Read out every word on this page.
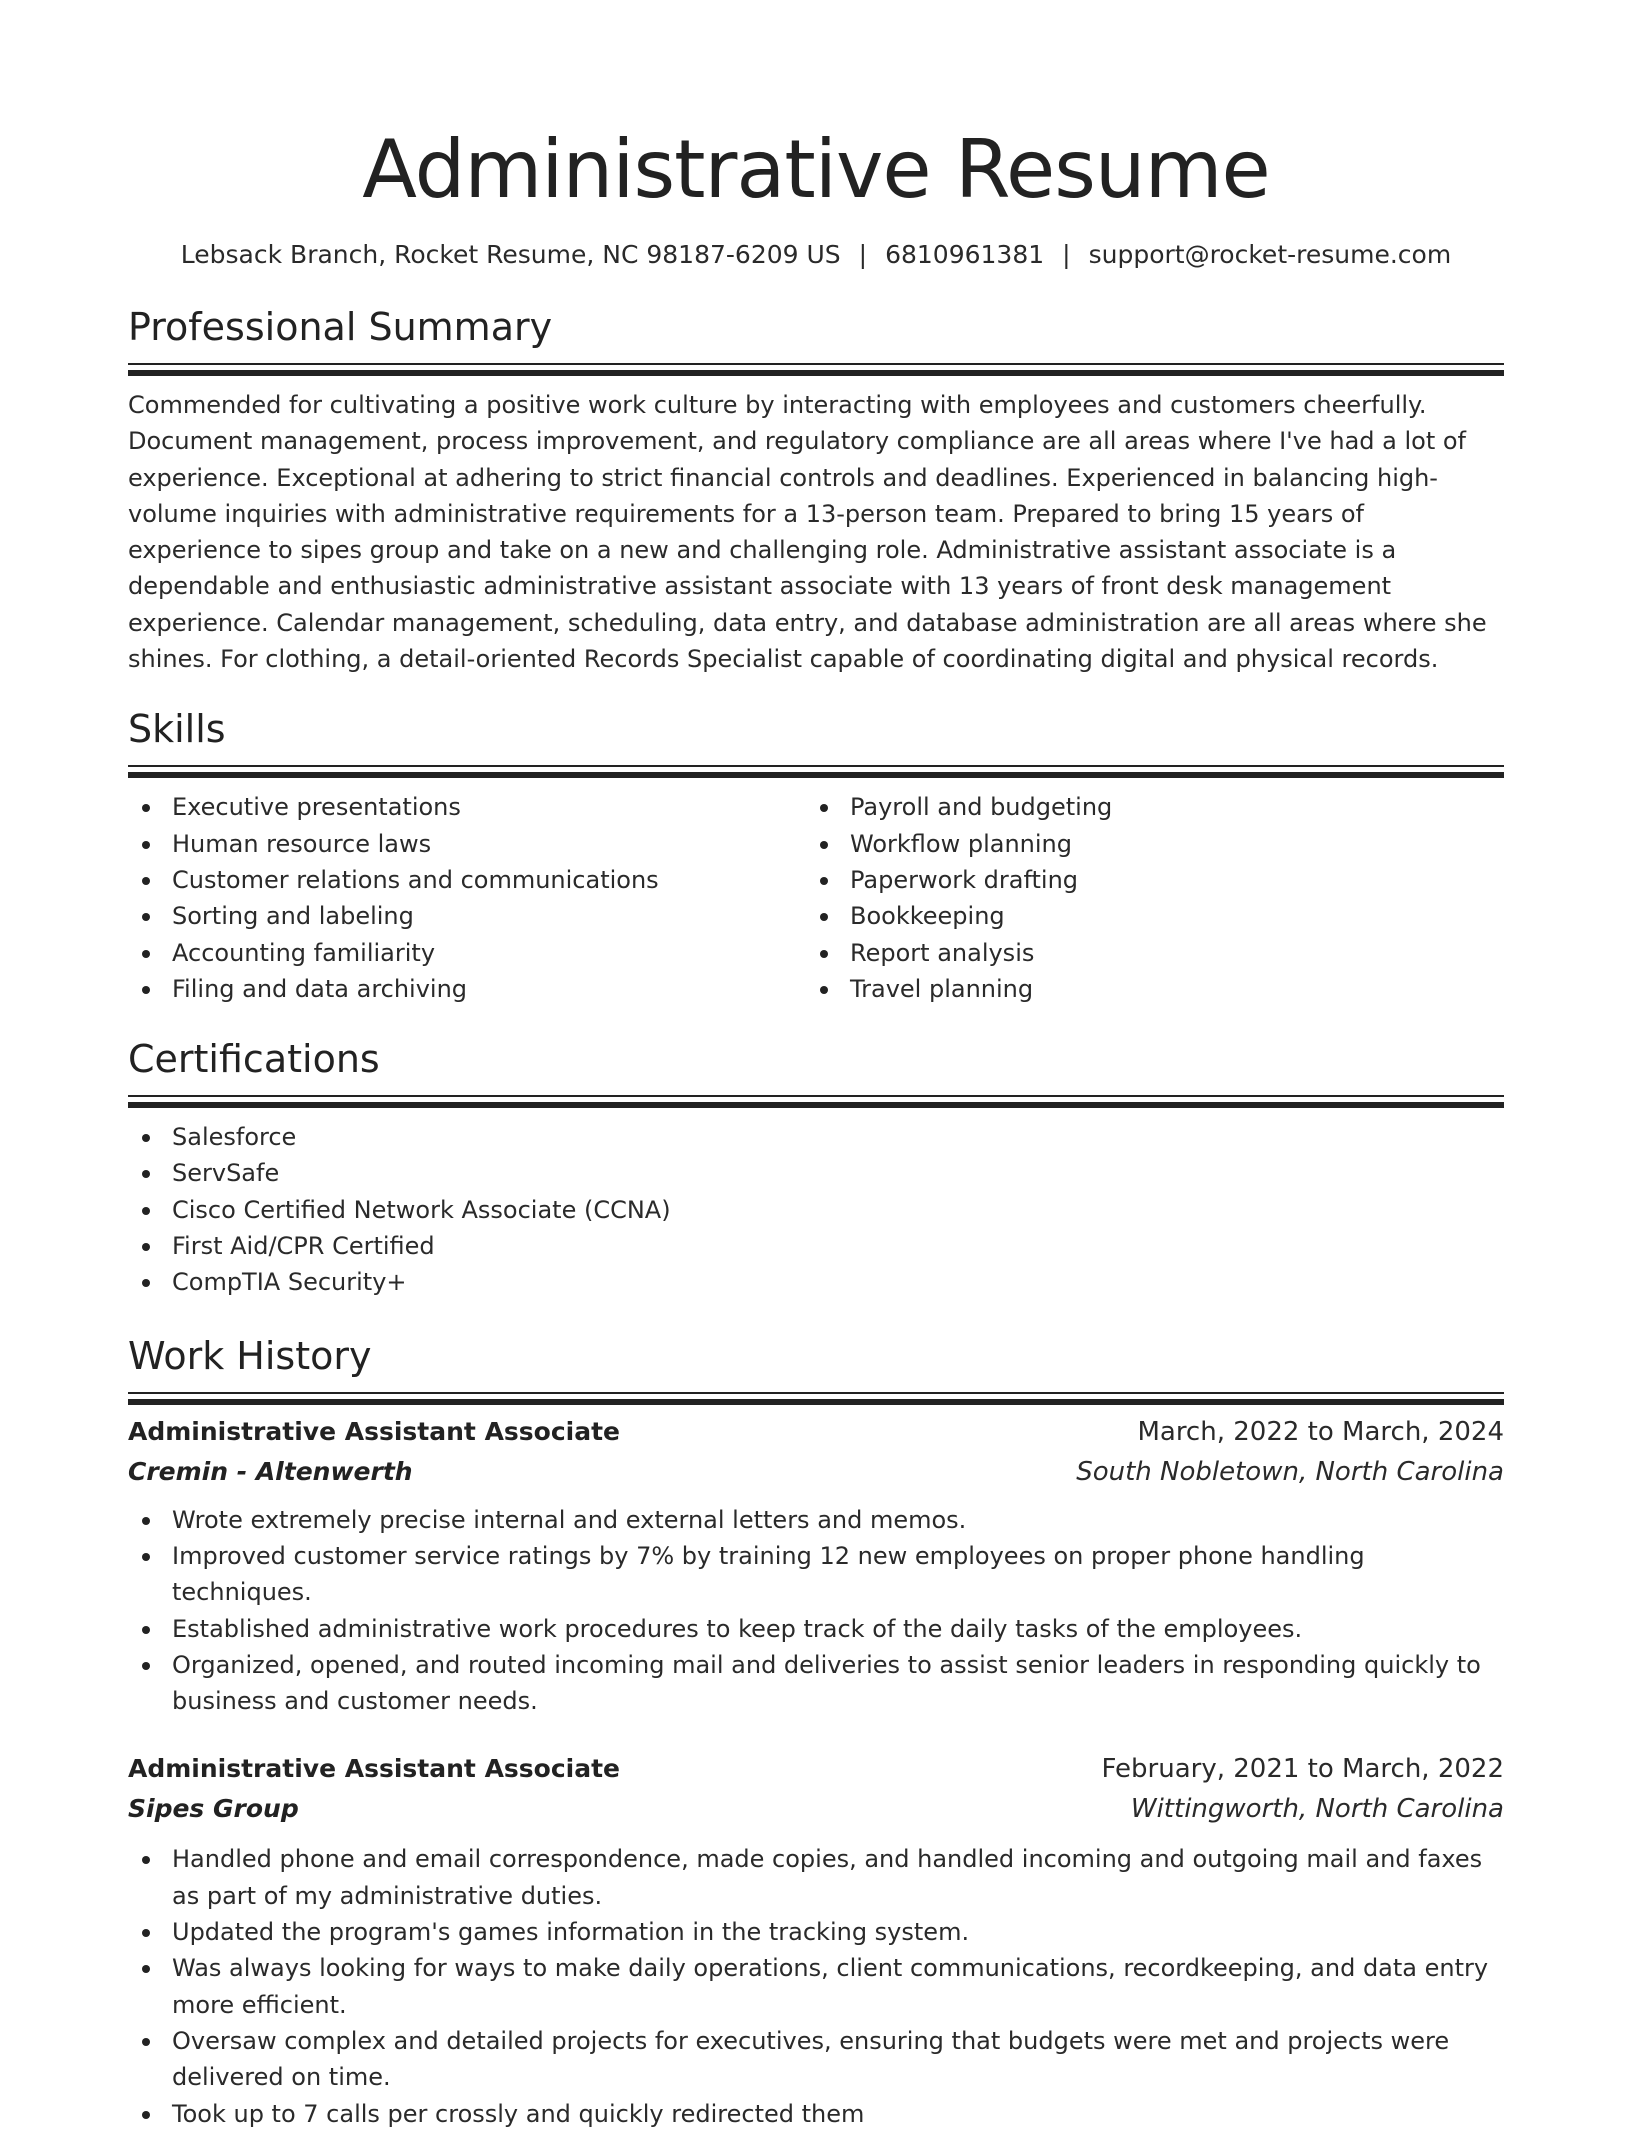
Administrative Resume
Lebsack Branch, Rocket Resume, NC 98187-6209 US | 6810961381 | support@rocket-resume.com
Professional Summary

Commended for cultivating a positive work culture by interacting with employees and customers cheerfully. Document management, process improvement, and regulatory compliance are all areas where I've had a lot of experience. Exceptional at adhering to strict financial controls and deadlines. Experienced in balancing high-volume inquiries with administrative requirements for a 13-person team. Prepared to bring 15 years of experience to sipes group and take on a new and challenging role. Administrative assistant associate is a dependable and enthusiastic administrative assistant associate with 13 years of front desk management experience. Calendar management, scheduling, data entry, and database administration are all areas where she shines. For clothing, a detail-oriented Records Specialist capable of coordinating digital and physical records.

Skills
Executive presentations
Human resource laws
Customer relations and communications
Sorting and labeling
Accounting familiarity
Filing and data archiving
Payroll and budgeting
Workflow planning
Paperwork drafting
Bookkeeping
Report analysis
Travel planning
Certifications
Salesforce
ServSafe
Cisco Certified Network Associate (CCNA)
First Aid/CPR Certified
CompTIA Security+
Work History
Administrative Assistant Associate	March, 2022 to March, 2024
Cremin - Altenwerth	South Nobletown, North Carolina
Wrote extremely precise internal and external letters and memos.
Improved customer service ratings by 7% by training 12 new employees on proper phone handling techniques.
Established administrative work procedures to keep track of the daily tasks of the employees.
Organized, opened, and routed incoming mail and deliveries to assist senior leaders in responding quickly to business and customer needs.
Administrative Assistant Associate	February, 2021 to March, 2022
Sipes Group	Wittingworth, North Carolina
Handled phone and email correspondence, made copies, and handled incoming and outgoing mail and faxes as part of my administrative duties.
Updated the program's games information in the tracking system.
Was always looking for ways to make daily operations, client communications, recordkeeping, and data entry more efficient.
Oversaw complex and detailed projects for executives, ensuring that budgets were met and projects were delivered on time.
Took up to 7 calls per crossly and quickly redirected them
